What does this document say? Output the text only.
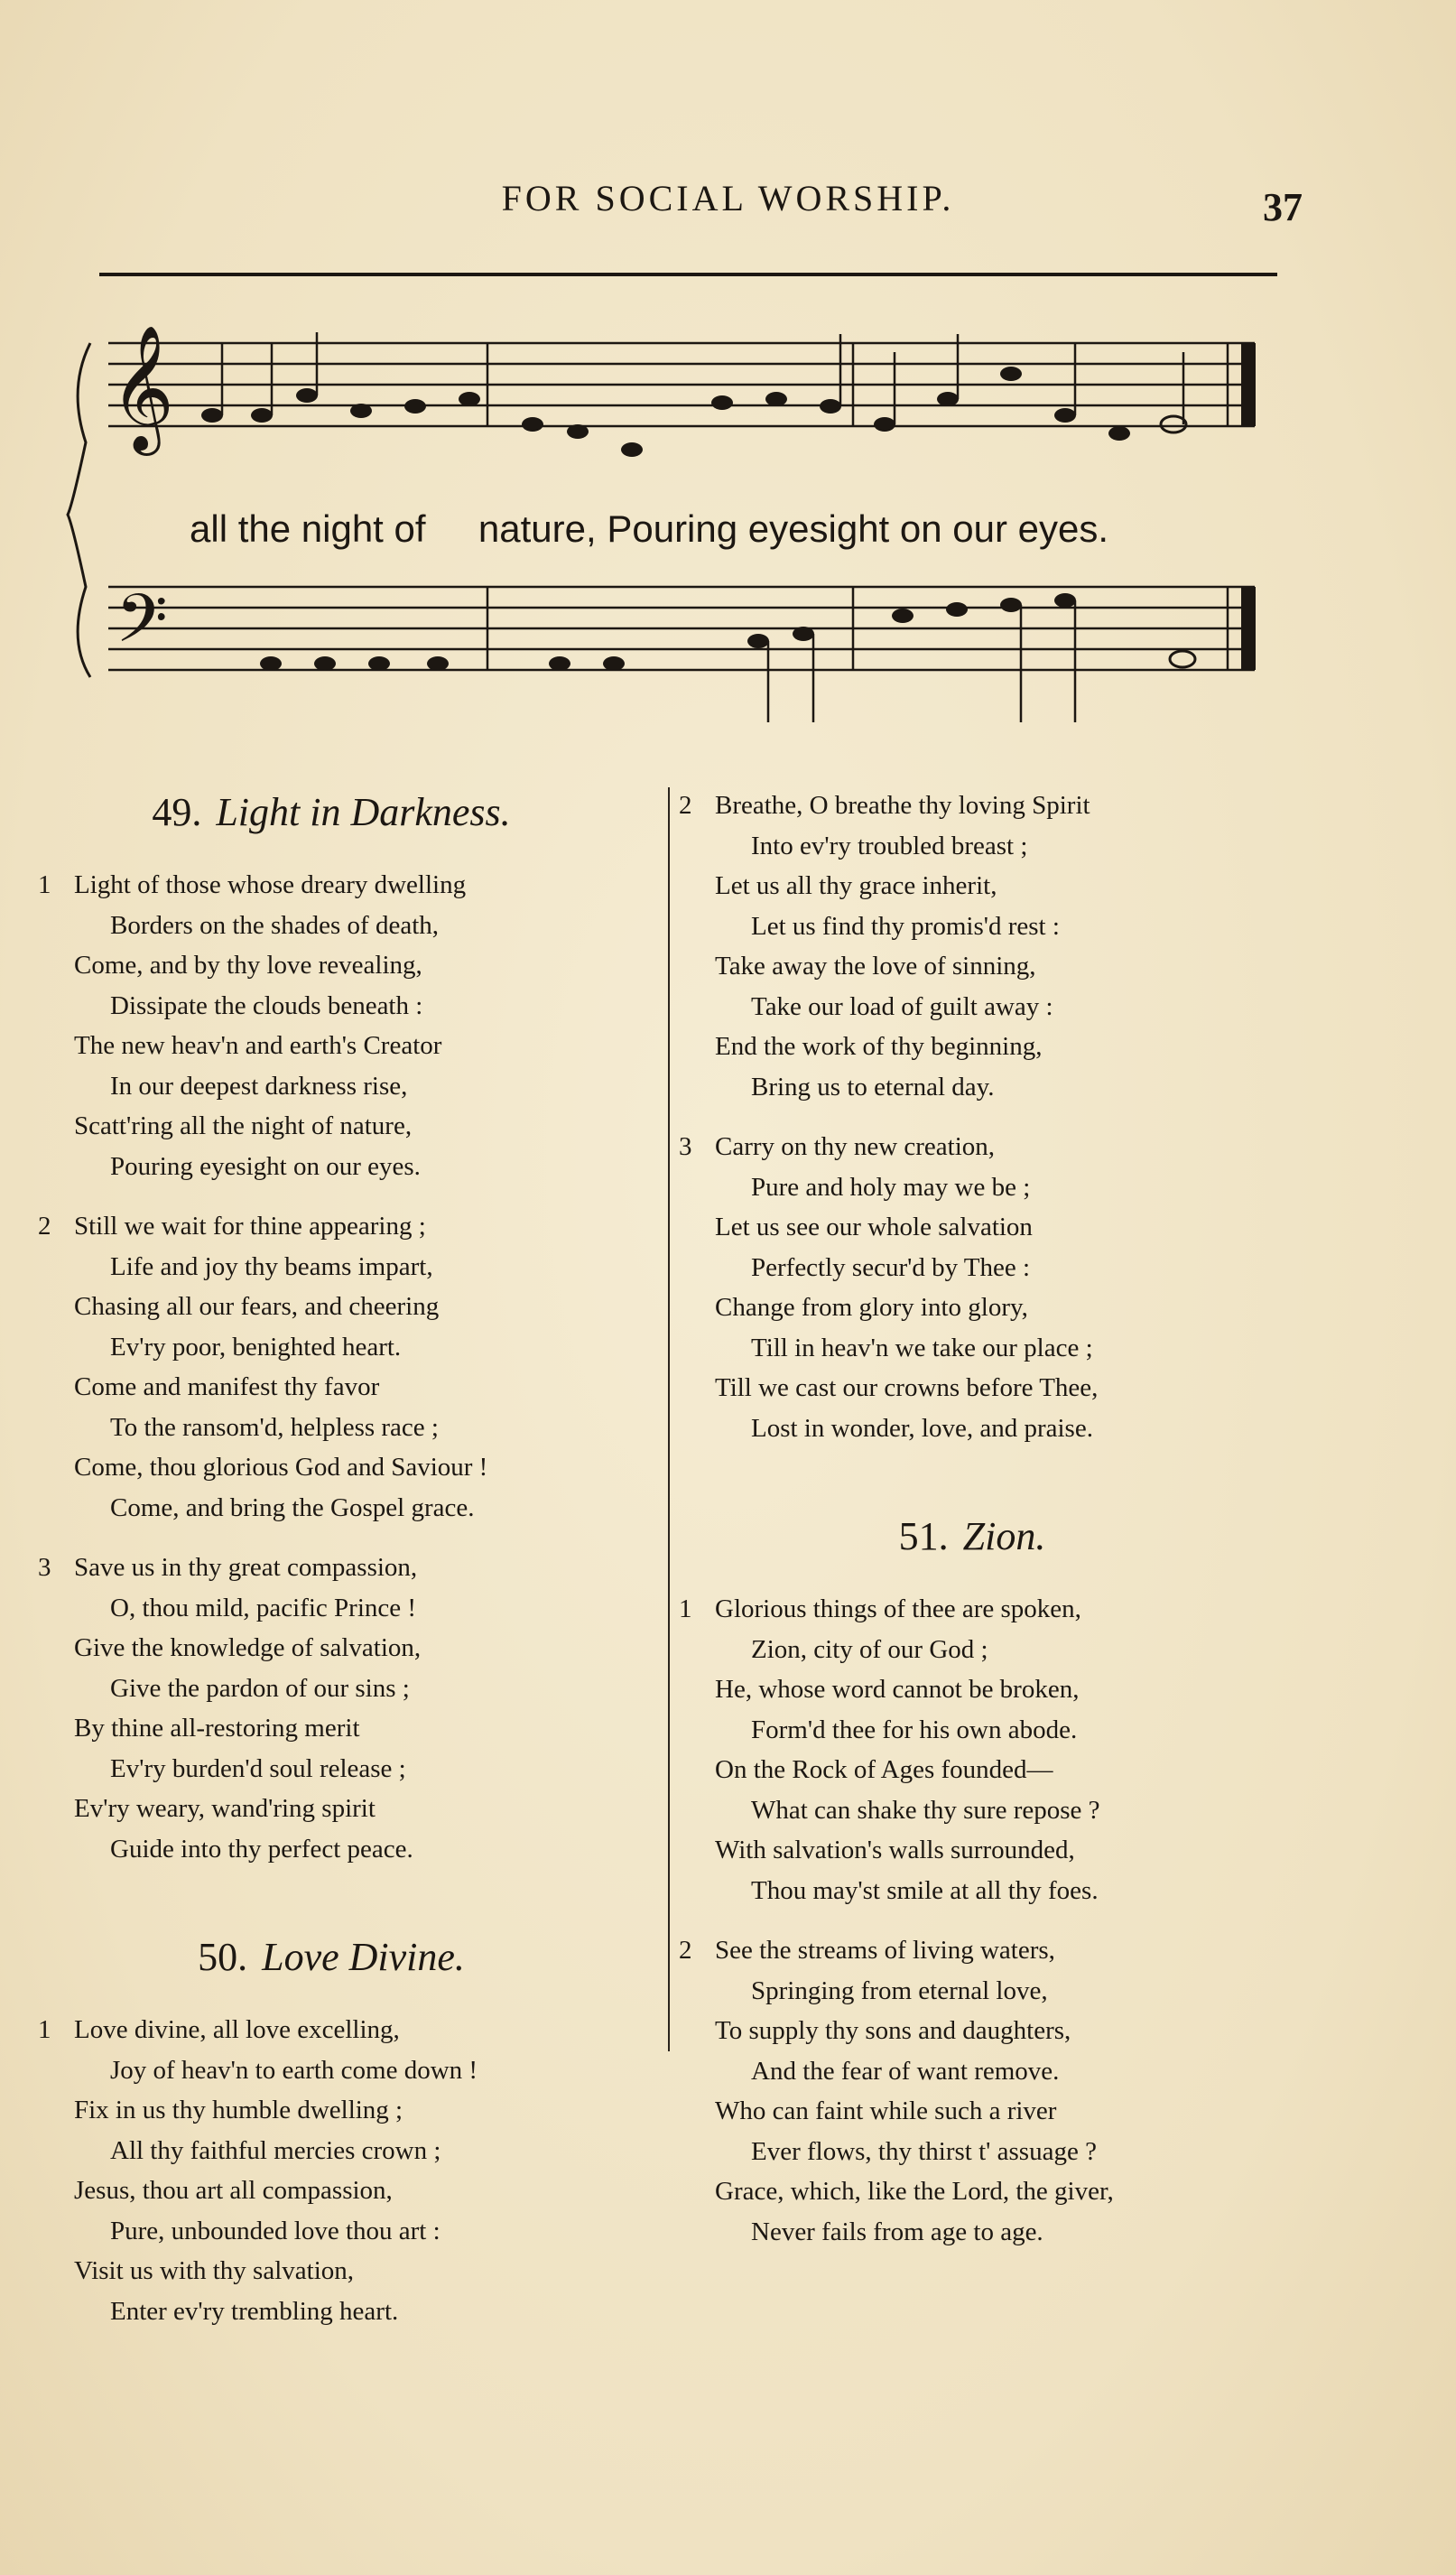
FOR SOCIAL WORSHIP.	37
𝄞
𝄢
all the night of nature, Pouring eyesight on our eyes.
49. Light in Darkness.
1 Light of those whose dreary dwelling
Borders on the shades of death,
Come, and by thy love revealing,
Dissipate the clouds beneath :
The new heav'n and earth's Creator
In our deepest darkness rise,
Scatt'ring all the night of nature,
Pouring eyesight on our eyes.
2 Still we wait for thine appearing ;
Life and joy thy beams impart,
Chasing all our fears, and cheering
Ev'ry poor, benighted heart.
Come and manifest thy favor
To the ransom'd, helpless race ;
Come, thou glorious God and Saviour !
Come, and bring the Gospel grace.
3 Save us in thy great compassion,
O, thou mild, pacific Prince !
Give the knowledge of salvation,
Give the pardon of our sins ;
By thine all-restoring merit
Ev'ry burden'd soul release ;
Ev'ry weary, wand'ring spirit
Guide into thy perfect peace.
50. Love Divine.
1 Love divine, all love excelling,
Joy of heav'n to earth come down !
Fix in us thy humble dwelling ;
All thy faithful mercies crown ;
Jesus, thou art all compassion,
Pure, unbounded love thou art :
Visit us with thy salvation,
Enter ev'ry trembling heart.
2 Breathe, O breathe thy loving Spirit
Into ev'ry troubled breast ;
Let us all thy grace inherit,
Let us find thy promis'd rest :
Take away the love of sinning,
Take our load of guilt away :
End the work of thy beginning,
Bring us to eternal day.
3 Carry on thy new creation,
Pure and holy may we be ;
Let us see our whole salvation
Perfectly secur'd by Thee :
Change from glory into glory,
Till in heav'n we take our place ;
Till we cast our crowns before Thee,
Lost in wonder, love, and praise.
51. Zion.
1 Glorious things of thee are spoken,
Zion, city of our God ;
He, whose word cannot be broken,
Form'd thee for his own abode.
On the Rock of Ages founded—
What can shake thy sure repose ?
With salvation's walls surrounded,
Thou may'st smile at all thy foes.
2 See the streams of living waters,
Springing from eternal love,
To supply thy sons and daughters,
And the fear of want remove.
Who can faint while such a river
Ever flows, thy thirst t' assuage ?
Grace, which, like the Lord, the giver,
Never fails from age to age.
